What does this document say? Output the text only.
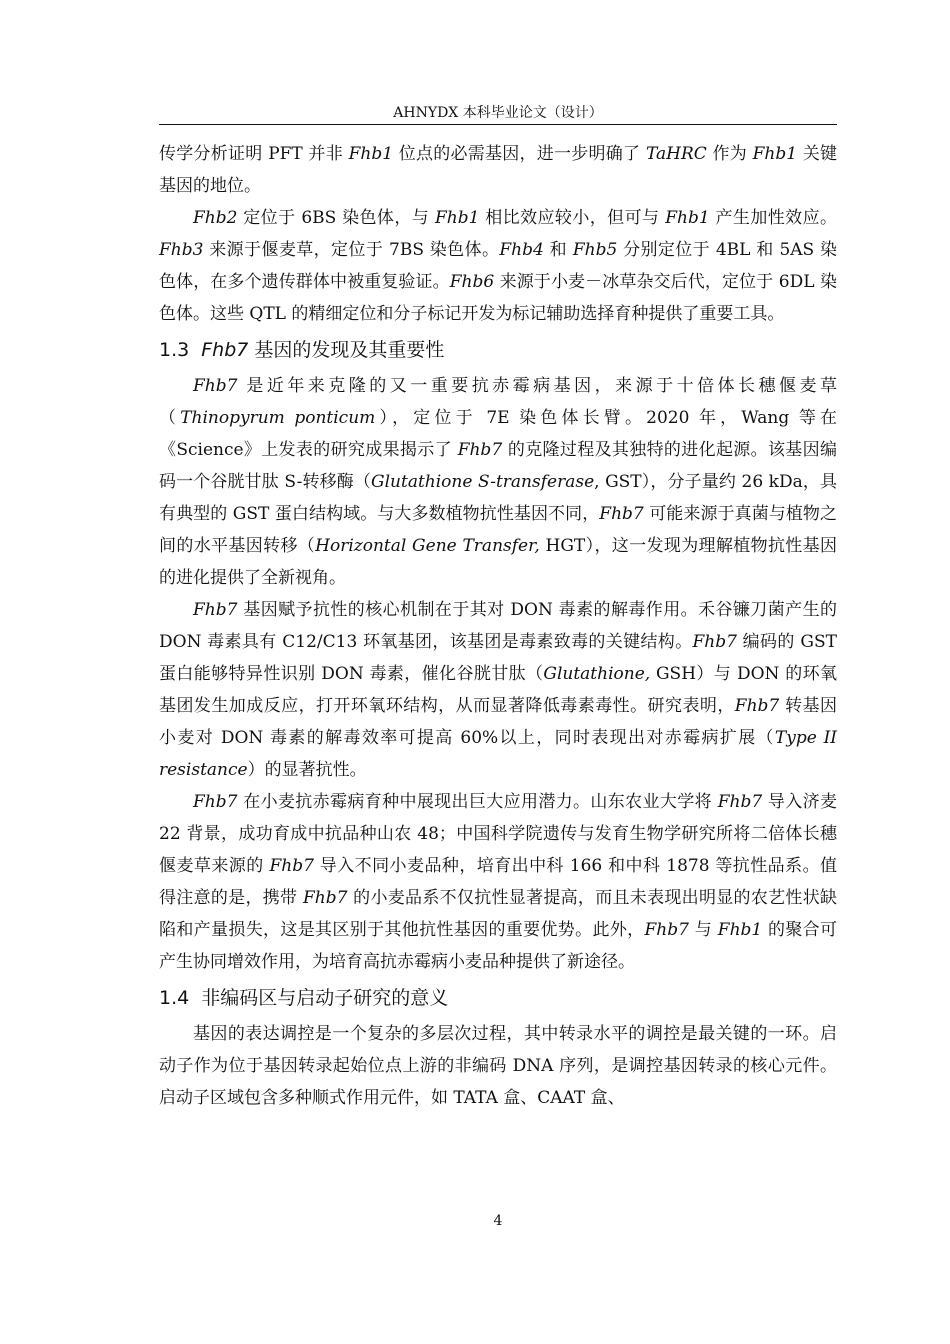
AHNYDX 本科毕业论文（设计）

传学分析证明 PFT 并非 Fhb1 位点的必需基因，进一步明确了 TaHRC 作为 Fhb1 关键基因的地位。

Fhb2 定位于 6BS 染色体，与 Fhb1 相比效应较小，但可与 Fhb1 产生加性效应。Fhb3 来源于偃麦草，定位于 7BS 染色体。Fhb4 和 Fhb5 分别定位于 4BL 和 5AS 染色体，在多个遗传群体中被重复验证。Fhb6 来源于小麦－冰草杂交后代，定位于 6DL 染色体。这些 QTL 的精细定位和分子标记开发为标记辅助选择育种提供了重要工具。

1.3 Fhb7 基因的发现及其重要性

Fhb7 是近年来克隆的又一重要抗赤霉病基因，来源于十倍体长穗偃麦草（Thinopyrum ponticum），定位于 7E 染色体长臂。2020 年，Wang 等在《Science》上发表的研究成果揭示了 Fhb7 的克隆过程及其独特的进化起源。该基因编码一个谷胱甘肽 S-转移酶（Glutathione S-transferase, GST），分子量约 26 kDa，具有典型的 GST 蛋白结构域。与大多数植物抗性基因不同，Fhb7 可能来源于真菌与植物之间的水平基因转移（Horizontal Gene Transfer, HGT），这一发现为理解植物抗性基因的进化提供了全新视角。

Fhb7 基因赋予抗性的核心机制在于其对 DON 毒素的解毒作用。禾谷镰刀菌产生的 DON 毒素具有 C12/C13 环氧基团，该基团是毒素致毒的关键结构。Fhb7 编码的 GST 蛋白能够特异性识别 DON 毒素，催化谷胱甘肽（Glutathione, GSH）与 DON 的环氧基团发生加成反应，打开环氧环结构，从而显著降低毒素毒性。研究表明，Fhb7 转基因小麦对 DON 毒素的解毒效率可提高 60%以上，同时表现出对赤霉病扩展（Type II resistance）的显著抗性。

Fhb7 在小麦抗赤霉病育种中展现出巨大应用潜力。山东农业大学将 Fhb7 导入济麦 22 背景，成功育成中抗品种山农 48；中国科学院遗传与发育生物学研究所将二倍体长穗偃麦草来源的 Fhb7 导入不同小麦品种，培育出中科 166 和中科 1878 等抗性品系。值得注意的是，携带 Fhb7 的小麦品系不仅抗性显著提高，而且未表现出明显的农艺性状缺陷和产量损失，这是其区别于其他抗性基因的重要优势。此外，Fhb7 与 Fhb1 的聚合可产生协同增效作用，为培育高抗赤霉病小麦品种提供了新途径。

1.4 非编码区与启动子研究的意义

基因的表达调控是一个复杂的多层次过程，其中转录水平的调控是最关键的一环。启动子作为位于基因转录起始位点上游的非编码 DNA 序列，是调控基因转录的核心元件。启动子区域包含多种顺式作用元件，如 TATA 盒、CAAT 盒、

4
